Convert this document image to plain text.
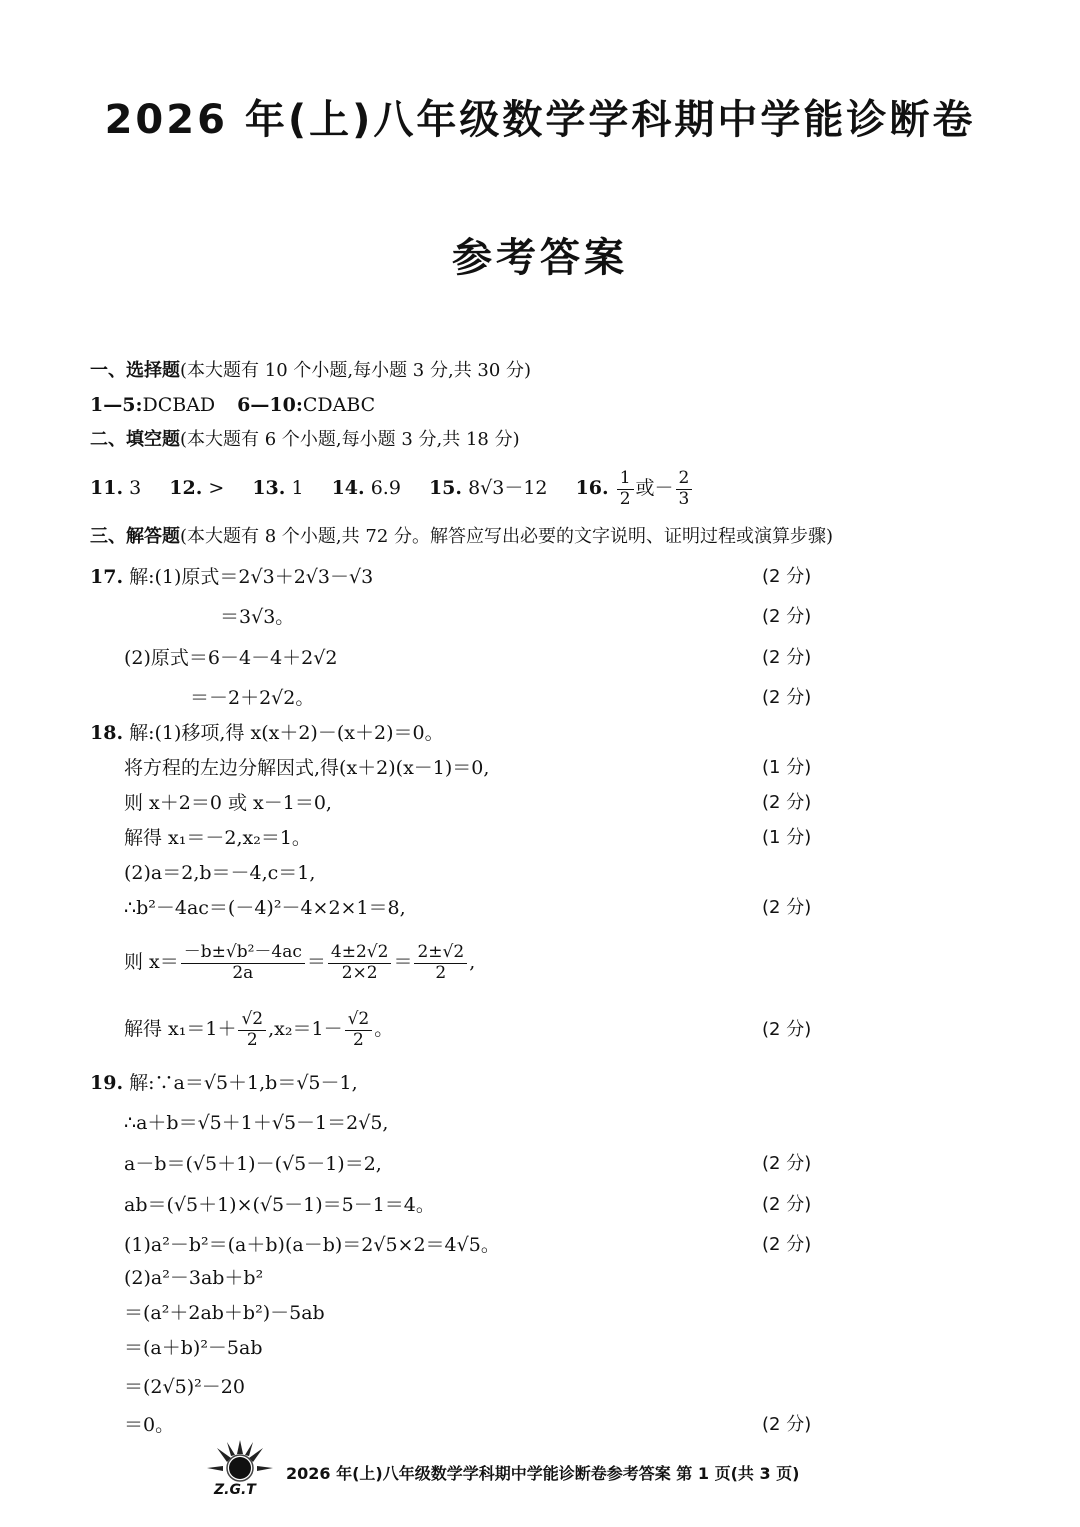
2026 年(上)八年级数学学科期中学能诊断卷
参考答案
一、选择题(本大题有 10 个小题,每小题 3 分,共 30 分)
1—5:DCBAD 6—10:CDABC
二、填空题(本大题有 6 个小题,每小题 3 分,共 18 分)
11. 3 12. > 13. 1 14. 6.9 15. 8√3－12 16. $\frac{1}{2}$ 或－ $\frac{2}{3}$
三、解答题(本大题有 8 个小题,共 72 分。解答应写出必要的文字说明、证明过程或演算步骤)
17. 解:(1)原式＝2√3＋2√3－√3	(2 分)
＝3√3。	(2 分)
(2)原式＝6－4－4＋2√2	(2 分)
＝－2＋2√2。	(2 分)
18. 解:(1)移项,得 x(x＋2)－(x＋2)＝0。
将方程的左边分解因式,得(x＋2)(x－1)＝0,	(1 分)
则 x＋2＝0 或 x－1＝0,	(2 分)
解得 x₁＝－2,x₂＝1。	(1 分)
(2)a＝2,b＝－4,c＝1,
∴b²－4ac＝(－4)²－4×2×1＝8,	(2 分)
则 $x= \frac{\text{－b±√b²－4ac}}{2a} = \frac{4\pm 2√2}{2\times 2} = \frac{2\pm√2}{2}$ ,
解得 $x_1=1+ \frac{√2}{2} ,x_2=1- \frac{√2}{2}$ 。	(2 分)
19. 解:∵a＝√5＋1,b＝√5－1,
∴a＋b＝√5＋1＋√5－1＝2√5,
a－b＝(√5＋1)－(√5－1)＝2,	(2 分)
ab＝(√5＋1)×(√5－1)＝5－1＝4。	(2 分)
(1)a²－b²＝(a＋b)(a－b)＝2√5×2＝4√5。	(2 分)
(2)a²－3ab＋b²
＝(a²＋2ab＋b²)－5ab
＝(a＋b)²－5ab
＝(2√5)²－20
＝0。	(2 分)
Z.G.T
2026 年(上)八年级数学学科期中学能诊断卷参考答案 第 1 页(共 3 页)
